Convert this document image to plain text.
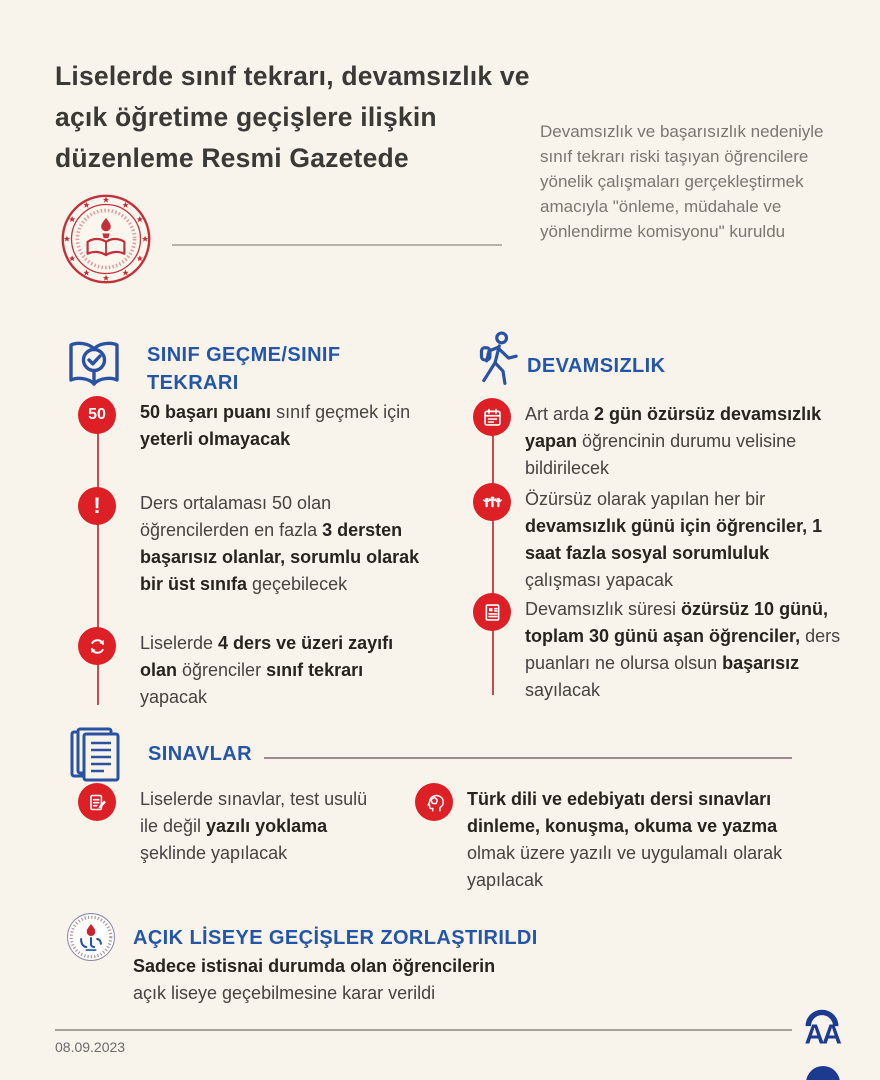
Liselerde sınıf tekrarı, devamsızlık ve
açık öğretime geçişlere ilişkin
düzenleme Resmi Gazetede

Devamsızlık ve başarısızlık nedeniyle sınıf tekrarı riski taşıyan öğrencilere yönelik çalışmaları gerçekleştirmek amacıyla "önleme, müdahale ve yönlendirme komisyonu" kuruldu

SINIF GEÇME/SINIF TEKRARI
50 50 başarı puanı sınıf geçmek için yeterli olmayacak

! Ders ortalaması 50 olan öğrencilerden en fazla 3 dersten başarısız olanlar, sorumlu olarak bir üst sınıfa geçebilecek

Liselerde 4 ders ve üzeri zayıfı olan öğrenciler sınıf tekrarı yapacak

DEVAMSIZLIK

Art arda 2 gün özürsüz devamsızlık yapan öğrencinin durumu velisine bildirilecek

Özürsüz olarak yapılan her bir devamsızlık günü için öğrenciler, 1 saat fazla sosyal sorumluluk çalışması yapacak

Devamsızlık süresi özürsüz 10 günü, toplam 30 günü aşan öğrenciler, ders puanları ne olursa olsun başarısız sayılacak

SINAVLAR

Liselerde sınavlar, test usulü ile değil yazılı yoklama şeklinde yapılacak

Türk dili ve edebiyatı dersi sınavları dinleme, konuşma, okuma ve yazma olmak üzere yazılı ve uygulamalı olarak yapılacak

AÇIK LİSEYE GEÇİŞLER ZORLAŞTIRILDI

Sadece istisnai durumda olan öğrencilerin açık liseye geçebilmesine karar verildi

08.09.2023	AA
